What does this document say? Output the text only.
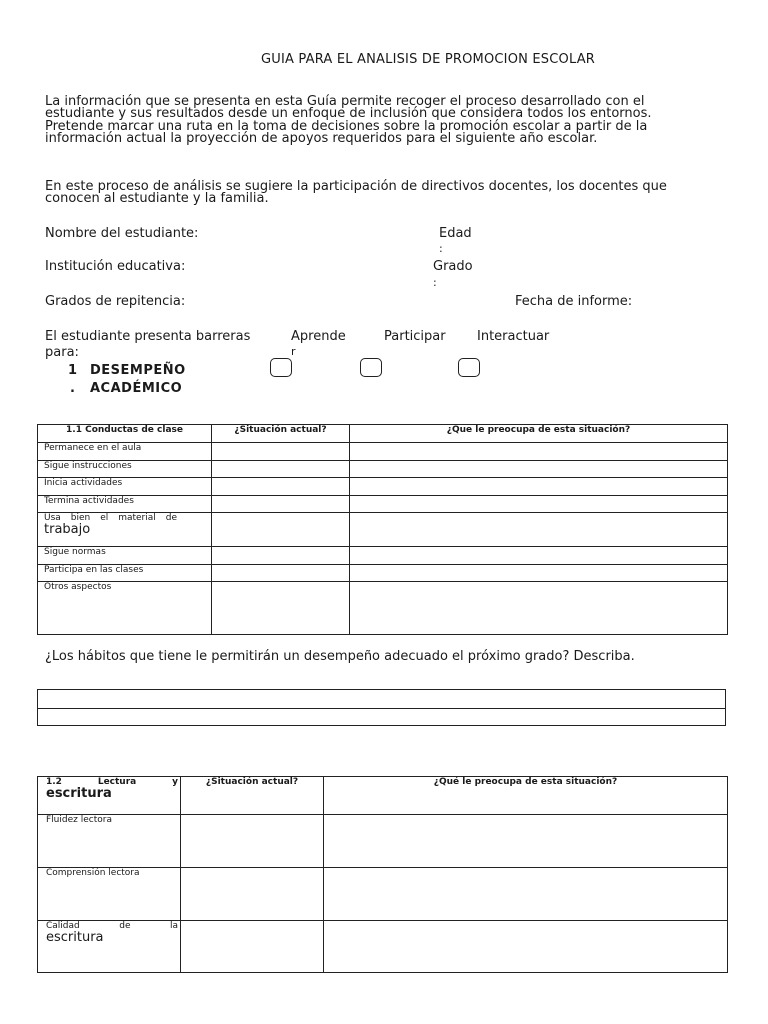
GUIA PARA EL ANALISIS DE PROMOCION ESCOLAR
La información que se presenta en esta Guía permite recoger el proceso desarrollado con el
estudiante y sus resultados desde un enfoque de inclusión que considera todos los entornos.
Pretende marcar una ruta en la toma de decisiones sobre la promoción escolar a partir de la
información actual la proyección de apoyos requeridos para el siguiente año escolar.
En este proceso de análisis se sugiere la participación de directivos docentes, los docentes que
conocen al estudiante y la familia.
Nombre del estudiante:	Edad
:
Institución educativa:	Grado
:
Grados de repitencia:	Fecha de informe:
El estudiante presenta barreras
para:
Aprende
r
Participar Interactuar
1 DESEMPEÑO
. ACADÉMICO
1.1 Conductas de clase	¿Situación actual?	¿Que le preocupa de esta situación?
Permanece en el aula		
Sigue instrucciones		
Inicia actividades		
Termina actividades		

Usa bien el material de
trabajo		

Sigue normas		
Participa en las clases		
Otros aspectos		
¿Los hábitos que tiene le permitirán un desempeño adecuado el próximo grado? Describa.

1.2 Lectura y
escritura	¿Situación actual?	¿Qué le preocupa de esta situación?
Fluidez lectora		
Comprensión lectora		

Calidad de la
escritura		
